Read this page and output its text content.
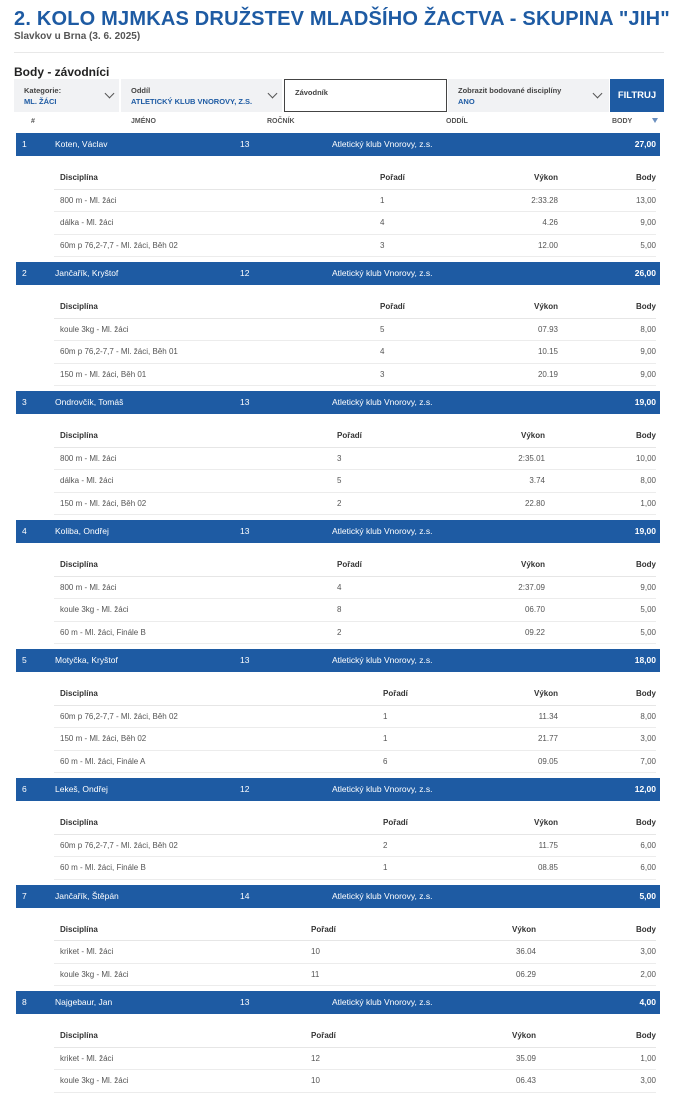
2. KOLO MJMKAS DRUŽSTEV MLADŠÍHO ŽACTVA - SKUPINA "JIH"
Slavkov u Brna (3. 6. 2025)
Body - závodníci
Kategorie:
ML. ŽÁCI
Oddíl
ATLETICKÝ KLUB VNOROVY, Z.S.
Závodník	Zobrazit bodované disciplíny
ANO
FILTRUJ
#	JMÉNO	ROČNÍK	ODDÍL	BODY
1	Koten, Václav	13	Atletický klub Vnorovy, z.s.	27,00
Disciplína	Pořadí	Výkon	Body
800 m - Ml. žáci	1	2:33.28	13,00
dálka - Ml. žáci	4	4.26	9,00
60m p 76,2-7,7 - Ml. žáci, Běh 02	3	12.00	5,00
2	Jančařík, Kryštof	12	Atletický klub Vnorovy, z.s.	26,00
Disciplína	Pořadí	Výkon	Body
koule 3kg - Ml. žáci	5	07.93	8,00
60m p 76,2-7,7 - Ml. žáci, Běh 01	4	10.15	9,00
150 m - Ml. žáci, Běh 01	3	20.19	9,00
3	Ondrovčík, Tomáš	13	Atletický klub Vnorovy, z.s.	19,00
Disciplína	Pořadí	Výkon	Body
800 m - Ml. žáci	3	2:35.01	10,00
dálka - Ml. žáci	5	3.74	8,00
150 m - Ml. žáci, Běh 02	2	22.80	1,00
4	Koliba, Ondřej	13	Atletický klub Vnorovy, z.s.	19,00
Disciplína	Pořadí	Výkon	Body
800 m - Ml. žáci	4	2:37.09	9,00
koule 3kg - Ml. žáci	8	06.70	5,00
60 m - Ml. žáci, Finále B	2	09.22	5,00
5	Motyčka, Kryštof	13	Atletický klub Vnorovy, z.s.	18,00
Disciplína	Pořadí	Výkon	Body
60m p 76,2-7,7 - Ml. žáci, Běh 02	1	11.34	8,00
150 m - Ml. žáci, Běh 02	1	21.77	3,00
60 m - Ml. žáci, Finále A	6	09.05	7,00
6	Lekeš, Ondřej	12	Atletický klub Vnorovy, z.s.	12,00
Disciplína	Pořadí	Výkon	Body
60m p 76,2-7,7 - Ml. žáci, Běh 02	2	11.75	6,00
60 m - Ml. žáci, Finále B	1	08.85	6,00
7	Jančařík, Štěpán	14	Atletický klub Vnorovy, z.s.	5,00
Disciplína	Pořadí	Výkon	Body
kriket - Ml. žáci	10	36.04	3,00
koule 3kg - Ml. žáci	11	06.29	2,00
8	Najgebaur, Jan	13	Atletický klub Vnorovy, z.s.	4,00
Disciplína	Pořadí	Výkon	Body
kriket - Ml. žáci	12	35.09	1,00
koule 3kg - Ml. žáci	10	06.43	3,00
